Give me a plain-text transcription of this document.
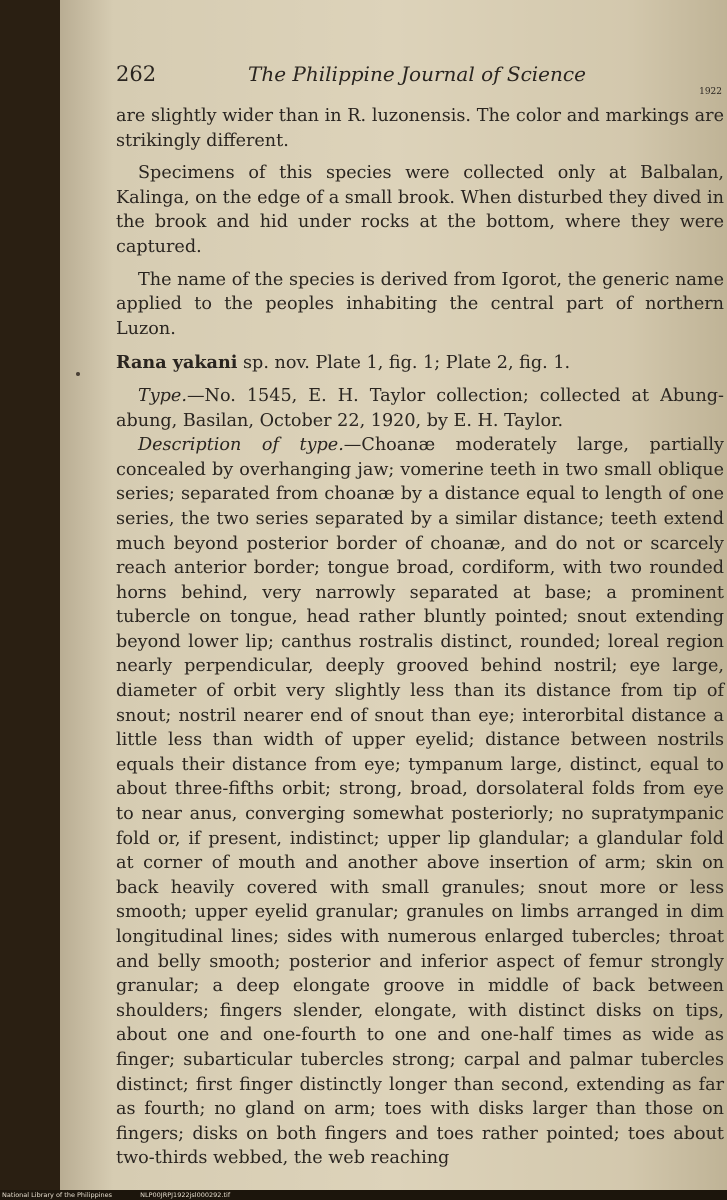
262	The Philippine Journal of Science
1922

are slightly wider than in R. luzonensis. The color and markings are strikingly different.

Specimens of this species were collected only at Balbalan, Kalinga, on the edge of a small brook. When disturbed they dived in the brook and hid under rocks at the bottom, where they were captured.

The name of the species is derived from Igorot, the generic name applied to the peoples inhabiting the central part of northern Luzon.

Rana yakani sp. nov. Plate 1, fig. 1; Plate 2, fig. 1.

Type.—No. 1545, E. H. Taylor collection; collected at Abung-abung, Basilan, October 22, 1920, by E. H. Taylor.

Description of type.—Choanæ moderately large, partially concealed by overhanging jaw; vomerine teeth in two small oblique series; separated from choanæ by a distance equal to length of one series, the two series separated by a similar distance; teeth extend much beyond posterior border of choanæ, and do not or scarcely reach anterior border; tongue broad, cordiform, with two rounded horns behind, very narrowly separated at base; a prominent tubercle on tongue, head rather bluntly pointed; snout extending beyond lower lip; canthus rostralis distinct, rounded; loreal region nearly perpendicular, deeply grooved behind nostril; eye large, diameter of orbit very slightly less than its distance from tip of snout; nostril nearer end of snout than eye; interorbital distance a little less than width of upper eyelid; distance between nostrils equals their distance from eye; tympanum large, distinct, equal to about three-fifths orbit; strong, broad, dorsolateral folds from eye to near anus, converging somewhat posteriorly; no supratympanic fold or, if present, indistinct; upper lip glandular; a glandular fold at corner of mouth and another above insertion of arm; skin on back heavily covered with small granules; snout more or less smooth; upper eyelid granular; granules on limbs arranged in dim longitudinal lines; sides with numerous enlarged tubercles; throat and belly smooth; posterior and inferior aspect of femur strongly granular; a deep elongate groove in middle of back between shoulders; fingers slender, elongate, with distinct disks on tips, about one and one-fourth to one and one-half times as wide as finger; subarticular tubercles strong; carpal and palmar tubercles distinct; first finger distinctly longer than second, extending as far as fourth; no gland on arm; toes with disks larger than those on fingers; disks on both fingers and toes rather pointed; toes about two-thirds webbed, the web reaching

National Library of the Philippines	NLP00JRPJ1922jsl000292.tif
